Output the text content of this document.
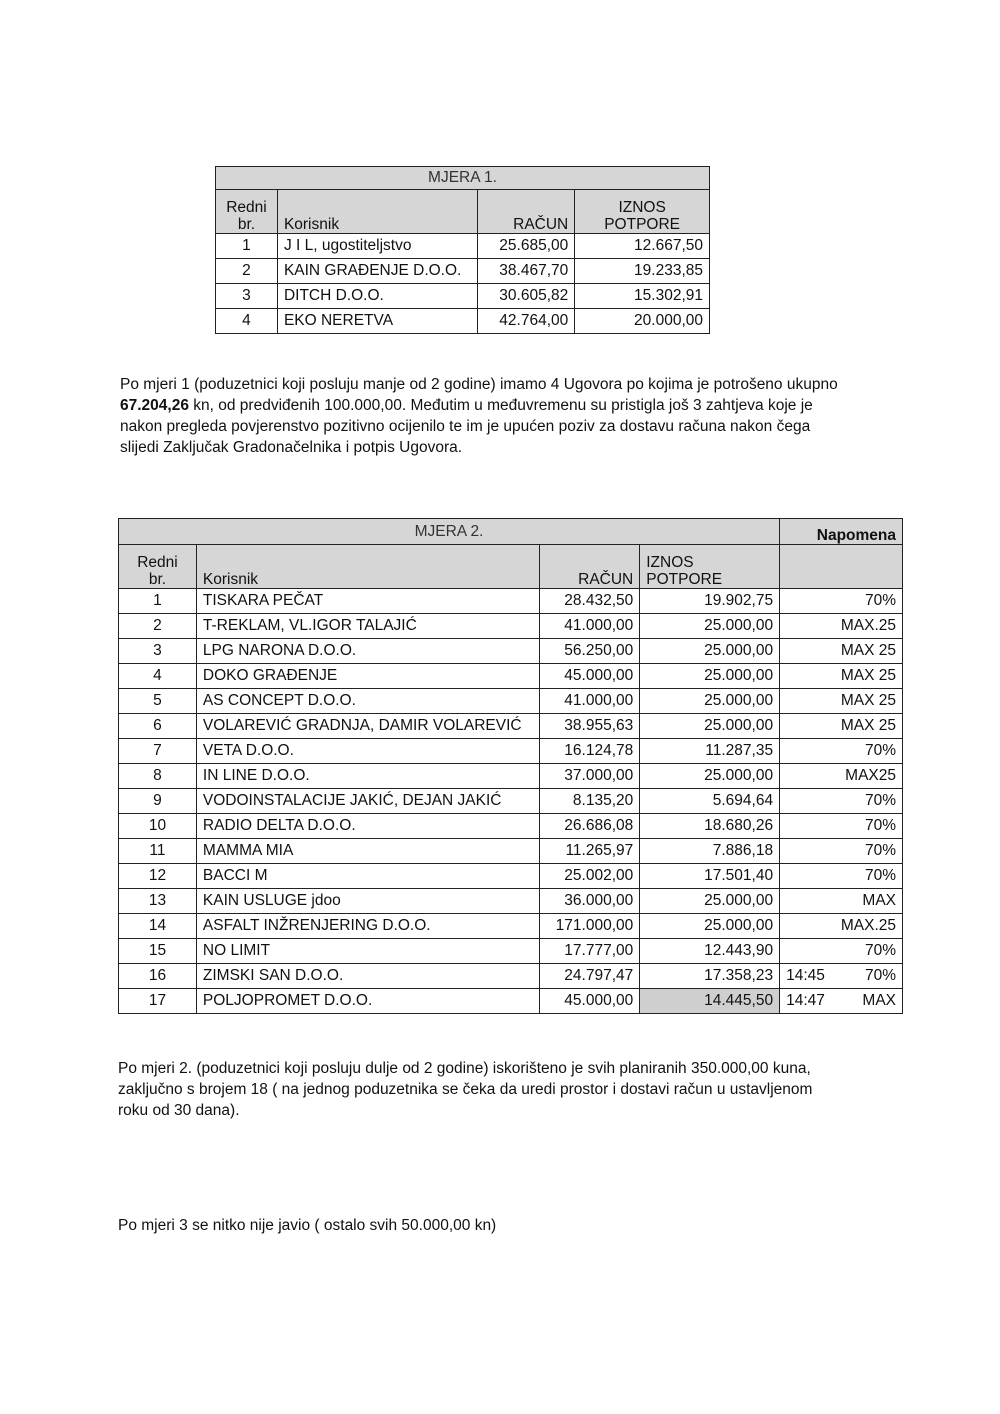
MJERA 1.			
Redni
br.	Korisnik	RAČUN	IZNOS
POTPORE
1	J I L, ugostiteljstvo	25.685,00	12.667,50
2	KAIN GRAĐENJE D.O.O.	38.467,70	19.233,85
3	DITCH D.O.O.	30.605,82	15.302,91
4	EKO NERETVA	42.764,00	20.000,00

Po mjeri 1 (poduzetnici koji posluju manje od 2 godine) imamo 4 Ugovora po kojima je potrošeno ukupno 67.204,26 kn, od predviđenih 100.000,00. Međutim u međuvremenu su pristigla još 3 zahtjeva koje je nakon pregleda povjerenstvo pozitivno ocijenilo te im je upućen poziv za dostavu računa nakon čega slijedi Zaključak Gradonačelnika i potpis Ugovora.

MJERA 2.				Napomena
Redni
br.	Korisnik	RAČUN	IZNOS
POTPORE	
1	TISKARA PEČAT	28.432,50	19.902,75	70%

2	T-REKLAM, VL.IGOR TALAJIĆ	41.000,00	25.000,00	MAX.25

3	LPG NARONA D.O.O.	56.250,00	25.000,00	MAX 25

4	DOKO GRAĐENJE	45.000,00	25.000,00	MAX 25

5	AS CONCEPT D.O.O.	41.000,00	25.000,00	MAX 25

6	VOLAREVIĆ GRADNJA, DAMIR VOLAREVIĆ	38.955,63	25.000,00	MAX 25

7	VETA D.O.O.	16.124,78	11.287,35	70%

8	IN LINE D.O.O.	37.000,00	25.000,00	MAX25

9	VODOINSTALACIJE JAKIĆ, DEJAN JAKIĆ	8.135,20	5.694,64	70%

10	RADIO DELTA D.O.O.	26.686,08	18.680,26	70%

11	MAMMA MIA	11.265,97	7.886,18	70%

12	BACCI M	25.002,00	17.501,40	70%

13	KAIN USLUGE jdoo	36.000,00	25.000,00	MAX

14	ASFALT INŽRENJERING D.O.O.	171.000,00	25.000,00	MAX.25

15	NO LIMIT	17.777,00	12.443,90	70%

16	ZIMSKI SAN D.O.O.	24.797,47	17.358,23	14:45 70%

17	POLJOPROMET D.O.O.	45.000,00	14.445,50	14:47 MAX

Po mjeri 2. (poduzetnici koji posluju dulje od 2 godine) iskorišteno je svih planiranih 350.000,00 kuna, zaključno s brojem 18 ( na jednog poduzetnika se čeka da uredi prostor i dostavi račun u ustavljenom roku od 30 dana).

Po mjeri 3 se nitko nije javio ( ostalo svih 50.000,00 kn)
